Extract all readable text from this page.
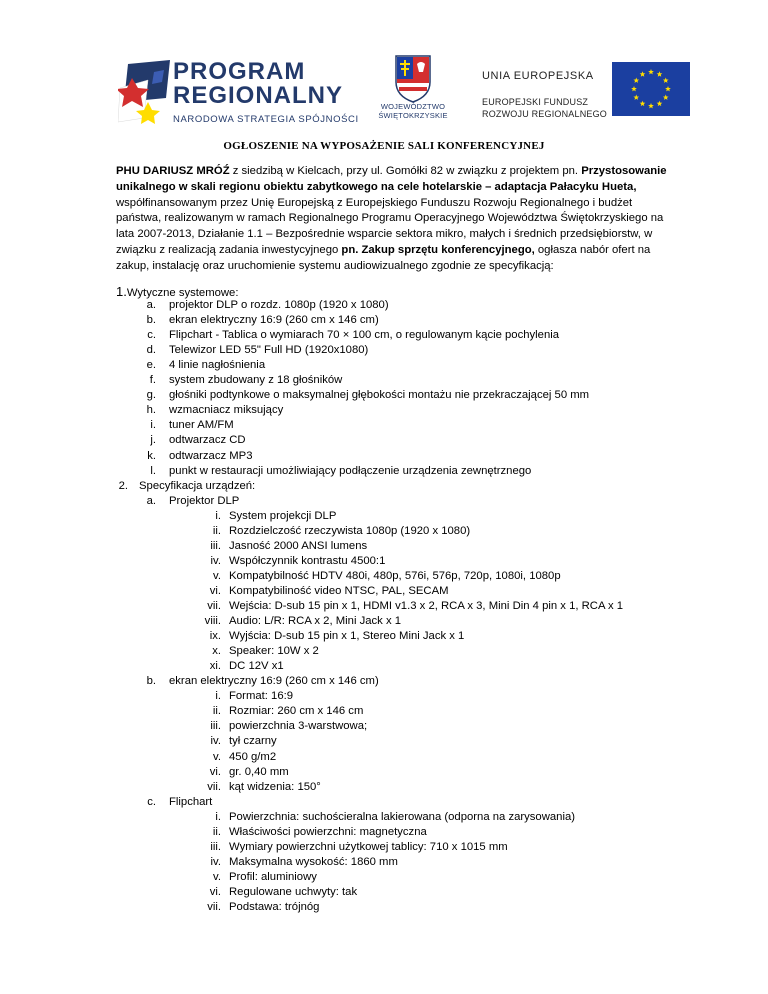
PROGRAM
REGIONALNY
NARODOWA STRATEGIA SPÓJNOŚCI
WOJEWÓDZTWO
ŚWIĘTOKRZYSKIE
UNIA EUROPEJSKA
EUROPEJSKI FUNDUSZ
ROZWOJU REGIONALNEGO
OGŁOSZENIE NA WYPOSAŻENIE SALI KONFERENCYJNEJ
PHU DARIUSZ MRÓŹ z siedzibą w Kielcach, przy ul. Gomółki 82 w związku z projektem pn. Przystosowanie unikalnego w skali regionu obiektu zabytkowego na cele hotelarskie – adaptacja Pałacyku Hueta, współfinansowanym przez Unię Europejską z Europejskiego Funduszu Rozwoju Regionalnego i budżet państwa, realizowanym w ramach Regionalnego Programu Operacyjnego Województwa Świętokrzyskiego na lata 2007-2013, Działanie 1.1 – Bezpośrednie wsparcie sektora mikro, małych i średnich przedsiębiorstw, w związku z realizacją zadania inwestycyjnego pn. Zakup sprzętu konferencyjnego, ogłasza nabór ofert na zakup, instalację oraz uruchomienie systemu audiowizualnego zgodnie ze specyfikacją:
1.Wytyczne systemowe:
a. projektor DLP o rozdz. 1080p (1920 x 1080)
b. ekran elektryczny 16:9 (260 cm x 146 cm)
c. Flipchart - Tablica o wymiarach 70 × 100 cm, o regulowanym kącie pochylenia
d. Telewizor LED 55" Full HD (1920x1080)
e. 4 linie nagłośnienia
f. system zbudowany z 18 głośników
g. głośniki podtynkowe o maksymalnej głębokości montażu nie przekraczającej 50 mm
h. wzmacniacz miksujący
i. tuner AM/FM
j. odtwarzacz CD
k. odtwarzacz MP3
l. punkt w restauracji umożliwiający podłączenie urządzenia zewnętrznego
2. Specyfikacja urządzeń:
a. Projektor DLP
i. System projekcji DLP
ii. Rozdzielczość rzeczywista 1080p (1920 x 1080)
iii. Jasność 2000 ANSI lumens
iv. Współczynnik kontrastu 4500:1
v. Kompatybilność HDTV 480i, 480p, 576i, 576p, 720p, 1080i, 1080p
vi. Kompatybiliność video NTSC, PAL, SECAM
vii. Wejścia: D-sub 15 pin x 1, HDMI v1.3 x 2, RCA x 3, Mini Din 4 pin x 1, RCA x 1
viii. Audio: L/R: RCA x 2, Mini Jack x 1
ix. Wyjścia: D-sub 15 pin x 1, Stereo Mini Jack x 1
x. Speaker: 10W x 2
xi. DC 12V x1
b. ekran elektryczny 16:9 (260 cm x 146 cm)
i. Format: 16:9
ii. Rozmiar: 260 cm x 146 cm
iii. powierzchnia 3-warstwowa;
iv. tył czarny
v. 450 g/m2
vi. gr. 0,40 mm
vii. kąt widzenia: 150°
c. Flipchart
i. Powierzchnia: suchościeralna lakierowana (odporna na zarysowania)
ii. Właściwości powierzchni: magnetyczna
iii. Wymiary powierzchni użytkowej tablicy: 710 x 1015 mm
iv. Maksymalna wysokość: 1860 mm
v. Profil: aluminiowy
vi. Regulowane uchwyty: tak
vii. Podstawa: trójnóg
